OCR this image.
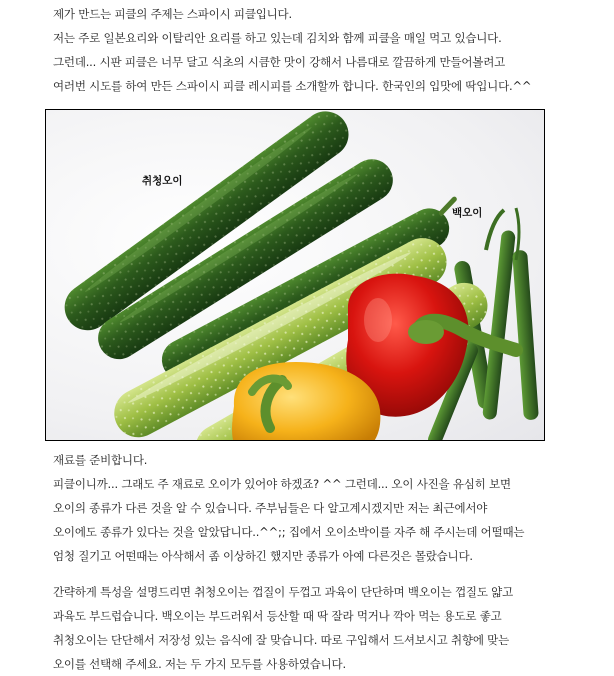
제가 만드는 피클의 주제는 스파이시 피클입니다.
저는 주로 일본요리와 이탈리안 요리를 하고 있는데 김치와 함께 피클을 매일 먹고 있습니다.
그런데... 시판 피클은 너무 달고 식초의 시큼한 맛이 강해서 나름대로 깔끔하게 만들어볼려고
여러번 시도를 하여 만든 스파이시 피클 레시피를 소개할까 합니다. 한국인의 입맛에 딱입니다.^^
취청오이
백오이
재료를 준비합니다.
피클이니까... 그래도 주 재료로 오이가 있어야 하겠죠? ^^ 그런데... 오이 사진을 유심히 보면
오이의 종류가 다른 것을 알 수 있습니다. 주부님들은 다 알고계시겠지만 저는 최근에서야
오이에도 종류가 있다는 것을 알았답니다..^^;; 집에서 오이소박이를 자주 해 주시는데 어떨때는
엄청 질기고 어떤때는 아삭해서 좀 이상하긴 했지만 종류가 아예 다른것은 몰랐습니다.
간략하게 특성을 설명드리면 취청오이는 껍질이 두껍고 과육이 단단하며 백오이는 껍질도 얇고
과육도 부드럽습니다. 백오이는 부드러워서 등산할 때 딱 잘라 먹거나 깍아 먹는 용도로 좋고
취청오이는 단단해서 저장성 있는 음식에 잘 맞습니다. 따로 구입해서 드셔보시고 취향에 맞는
오이를 선택해 주세요. 저는 두 가지 모두를 사용하였습니다.
